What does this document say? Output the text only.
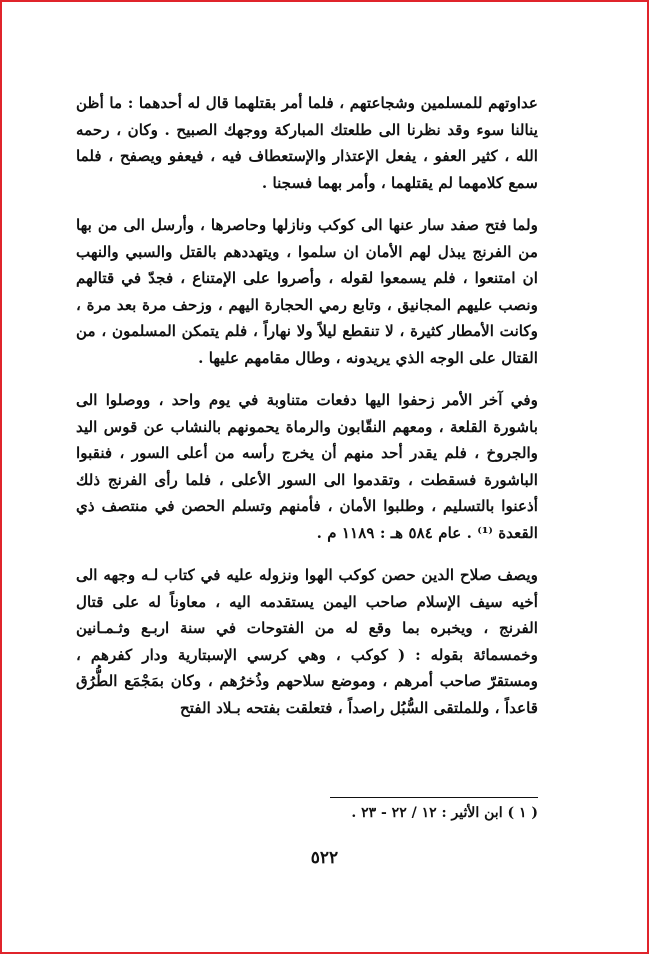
عداوتهم للمسلمين وشجاعتهم ، فلما أمر بقتلهما قال له أحدهما : ما أظن ينالنا سوء وقد نظرنا الى طلعتك المباركة ووجهك الصبيح . وكان ، رحمه الله ، كثير العفو ، يفعل الإعتذار والإستعطاف فيه ، فيعفو ويصفح ، فلما سمع كلامهما لم يقتلهما ، وأمر بهما فسجنا .

ولما فتح صفد سار عنها الى كوكب ونازلها وحاصرها ، وأرسل الى من بها من الفرنج يبذل لهم الأمان ان سلموا ، ويتهددهم بالقتل والسبي والنهب ان امتنعوا ، فلم يسمعوا لقوله ، وأصروا على الإمتناع ، فجدّ في قتالهم ونصب عليهم المجانيق ، وتابع رمي الحجارة اليهم ، وزحف مرة بعد مرة ، وكانت الأمطار كثيرة ، لا تنقطع ليلاً ولا نهاراً ، فلم يتمكن المسلمون ، من القتال على الوجه الذي يريدونه ، وطال مقامهم عليها .

وفي آخر الأمر زحفوا اليها دفعات متناوبة في يوم واحد ، ووصلوا الى باشورة القلعة ، ومعهم النقّابون والرماة يحمونهم بالنشاب عن قوس اليد والجروخ ، فلم يقدر أحد منهم أن يخرج رأسه من أعلى السور ، فنقبوا الباشورة فسقطت ، وتقدموا الى السور الأعلى ، فلما رأى الفرنج ذلك أذعنوا بالتسليم ، وطلبوا الأمان ، فأمنهم وتسلم الحصن في منتصف ذي القعدة ⁽¹⁾ . عام ٥٨٤ هـ : ١١٨٩ م .

ويصف صلاح الدين حصن كوكب الهوا ونزوله عليه في كتاب لـه وجهه الى أخيه سيف الإسلام صاحب اليمن يستقدمه اليه ، معاوناً له على قتال الفرنج ، ويخبره بما وقع له من الفتوحات في سنة اربـع وثـمـانين وخمسمائة بقوله : ( كوكب ، وهي كرسي الإسبتارية ودار كفرهم ، ومستقرّ صاحب أمرهم ، وموضع سلاحهم وذُخرُهم ، وكان بمَجْمَع الطُّرُق قاعداً ، وللملتقى السُّبُل راصداً ، فتعلقت بفتحه بـلاد الفتح

( ١ ) ابن الأثير : ١٢ / ٢٢ - ٢٣ .
٥٢٢
